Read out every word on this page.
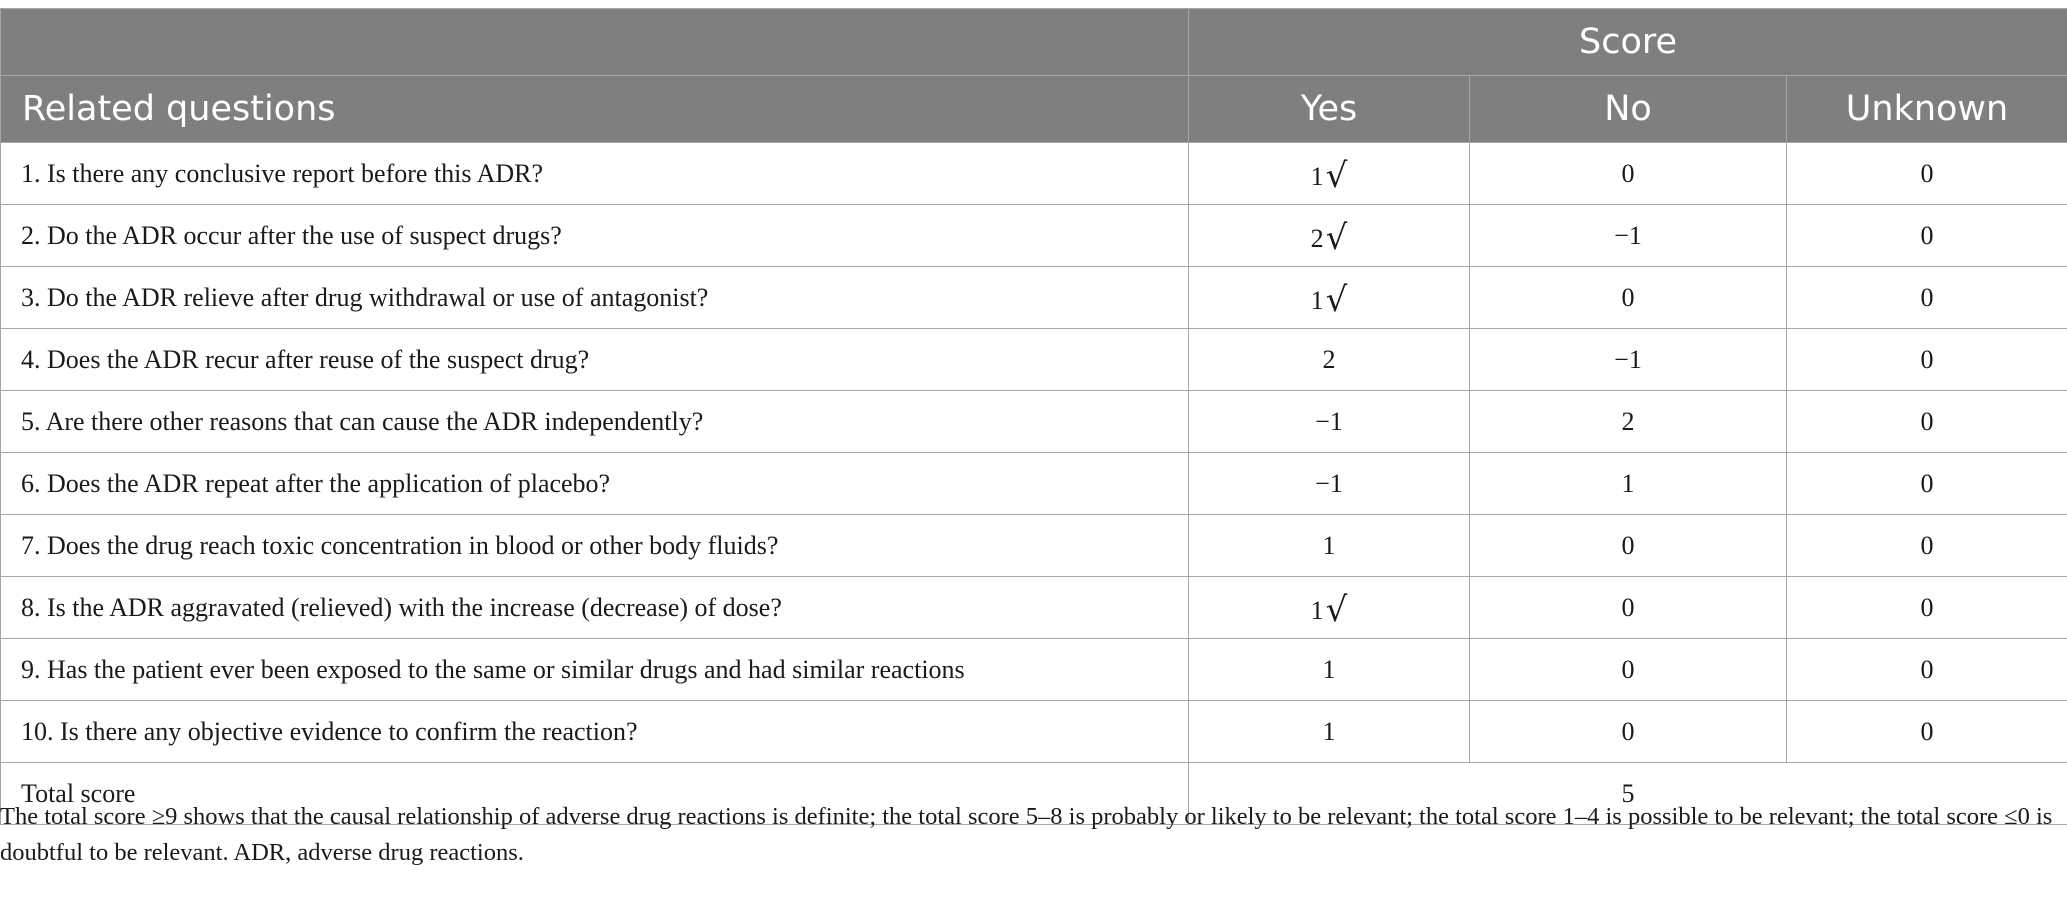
	Score		
Related questions	Yes	No	Unknown
1. Is there any conclusive report before this ADR?	1√	0	0
2. Do the ADR occur after the use of suspect drugs?	2√	−1	0
3. Do the ADR relieve after drug withdrawal or use of antagonist?	1√	0	0
4. Does the ADR recur after reuse of the suspect drug?	2	−1	0
5. Are there other reasons that can cause the ADR independently?	−1	2	0
6. Does the ADR repeat after the application of placebo?	−1	1	0
7. Does the drug reach toxic concentration in blood or other body fluids?	1	0	0
8. Is the ADR aggravated (relieved) with the increase (decrease) of dose?	1√	0	0
9. Has the patient ever been exposed to the same or similar drugs and had similar reactions	1	0	0
10. Is there any objective evidence to confirm the reaction?	1	0	0
Total score	5		

The total score ≥9 shows that the causal relationship of adverse drug reactions is definite; the total score 5–8 is probably or likely to be relevant; the total score 1–4 is possible to be relevant; the total score ≤0 is doubtful to be relevant. ADR, adverse drug reactions.
